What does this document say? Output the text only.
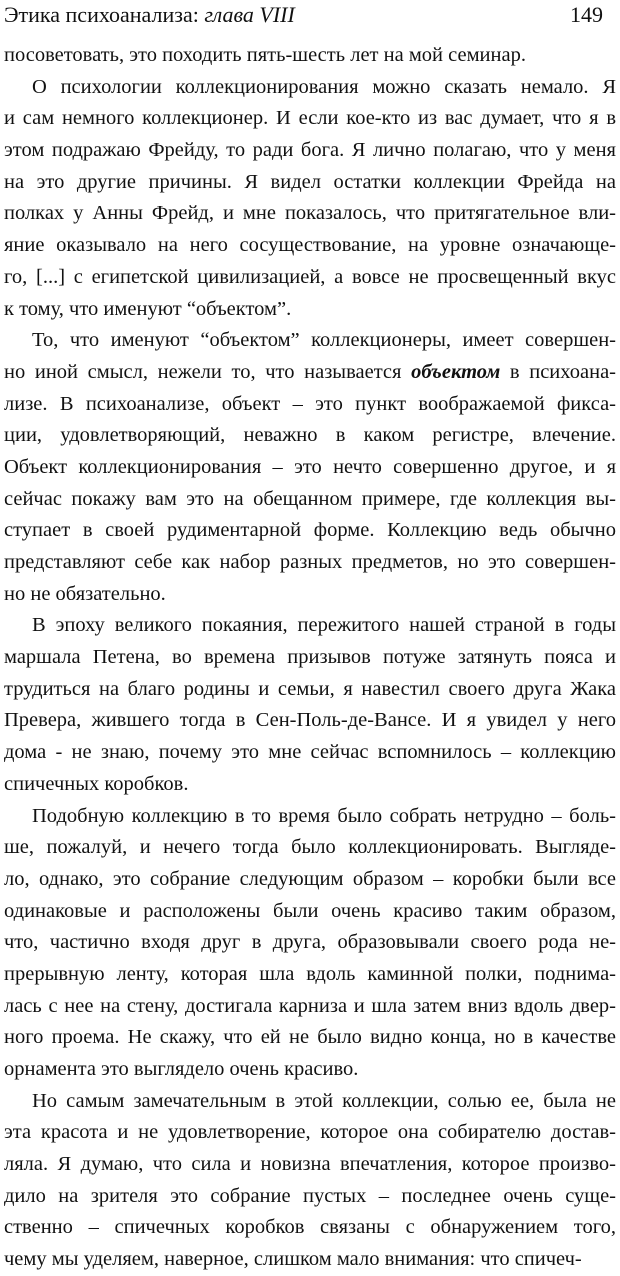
Этика психоанализа: глава VIII	149
посоветовать, это походить пять-шесть лет на мой семинар.
О психологии коллекционирования можно сказать немало. Я
и сам немного коллекционер. И если кое-кто из вас думает, что я в
этом подражаю Фрейду, то ради бога. Я лично полагаю, что у меня
на это другие причины. Я видел остатки коллекции Фрейда на
полках у Анны Фрейд, и мне показалось, что притягательное вли-
яние оказывало на него сосуществование, на уровне означающе-
го, [...] с египетской цивилизацией, а вовсе не просвещенный вкус
к тому, что именуют “объектом”.
То, что именуют “объектом” коллекционеры, имеет совершен-
но иной смысл, нежели то, что называется объектом в психоана-
лизе. В психоанализе, объект – это пункт воображаемой фикса-
ции, удовлетворяющий, неважно в каком регистре, влечение.
Объект коллекционирования – это нечто совершенно другое, и я
сейчас покажу вам это на обещанном примере, где коллекция вы-
ступает в своей рудиментарной форме. Коллекцию ведь обычно
представляют себе как набор разных предметов, но это совершен-
но не обязательно.
В эпоху великого покаяния, пережитого нашей страной в годы
маршала Петена, во времена призывов потуже затянуть пояса и
трудиться на благо родины и семьи, я навестил своего друга Жака
Превера, жившего тогда в Сен-Поль-де-Вансе. И я увидел у него
дома - не знаю, почему это мне сейчас вспомнилось – коллекцию
спичечных коробков.
Подобную коллекцию в то время было собрать нетрудно – боль-
ше, пожалуй, и нечего тогда было коллекционировать. Выгляде-
ло, однако, это собрание следующим образом – коробки были все
одинаковые и расположены были очень красиво таким образом,
что, частично входя друг в друга, образовывали своего рода не-
прерывную ленту, которая шла вдоль каминной полки, поднима-
лась с нее на стену, достигала карниза и шла затем вниз вдоль двер-
ного проема. Не скажу, что ей не было видно конца, но в качестве
орнамента это выглядело очень красиво.
Но самым замечательным в этой коллекции, солью ее, была не
эта красота и не удовлетворение, которое она собирателю достав-
ляла. Я думаю, что сила и новизна впечатления, которое произво-
дило на зрителя это собрание пустых – последнее очень суще-
ственно – спичечных коробков связаны с обнаружением того,
чему мы уделяем, наверное, слишком мало внимания: что спичеч-
